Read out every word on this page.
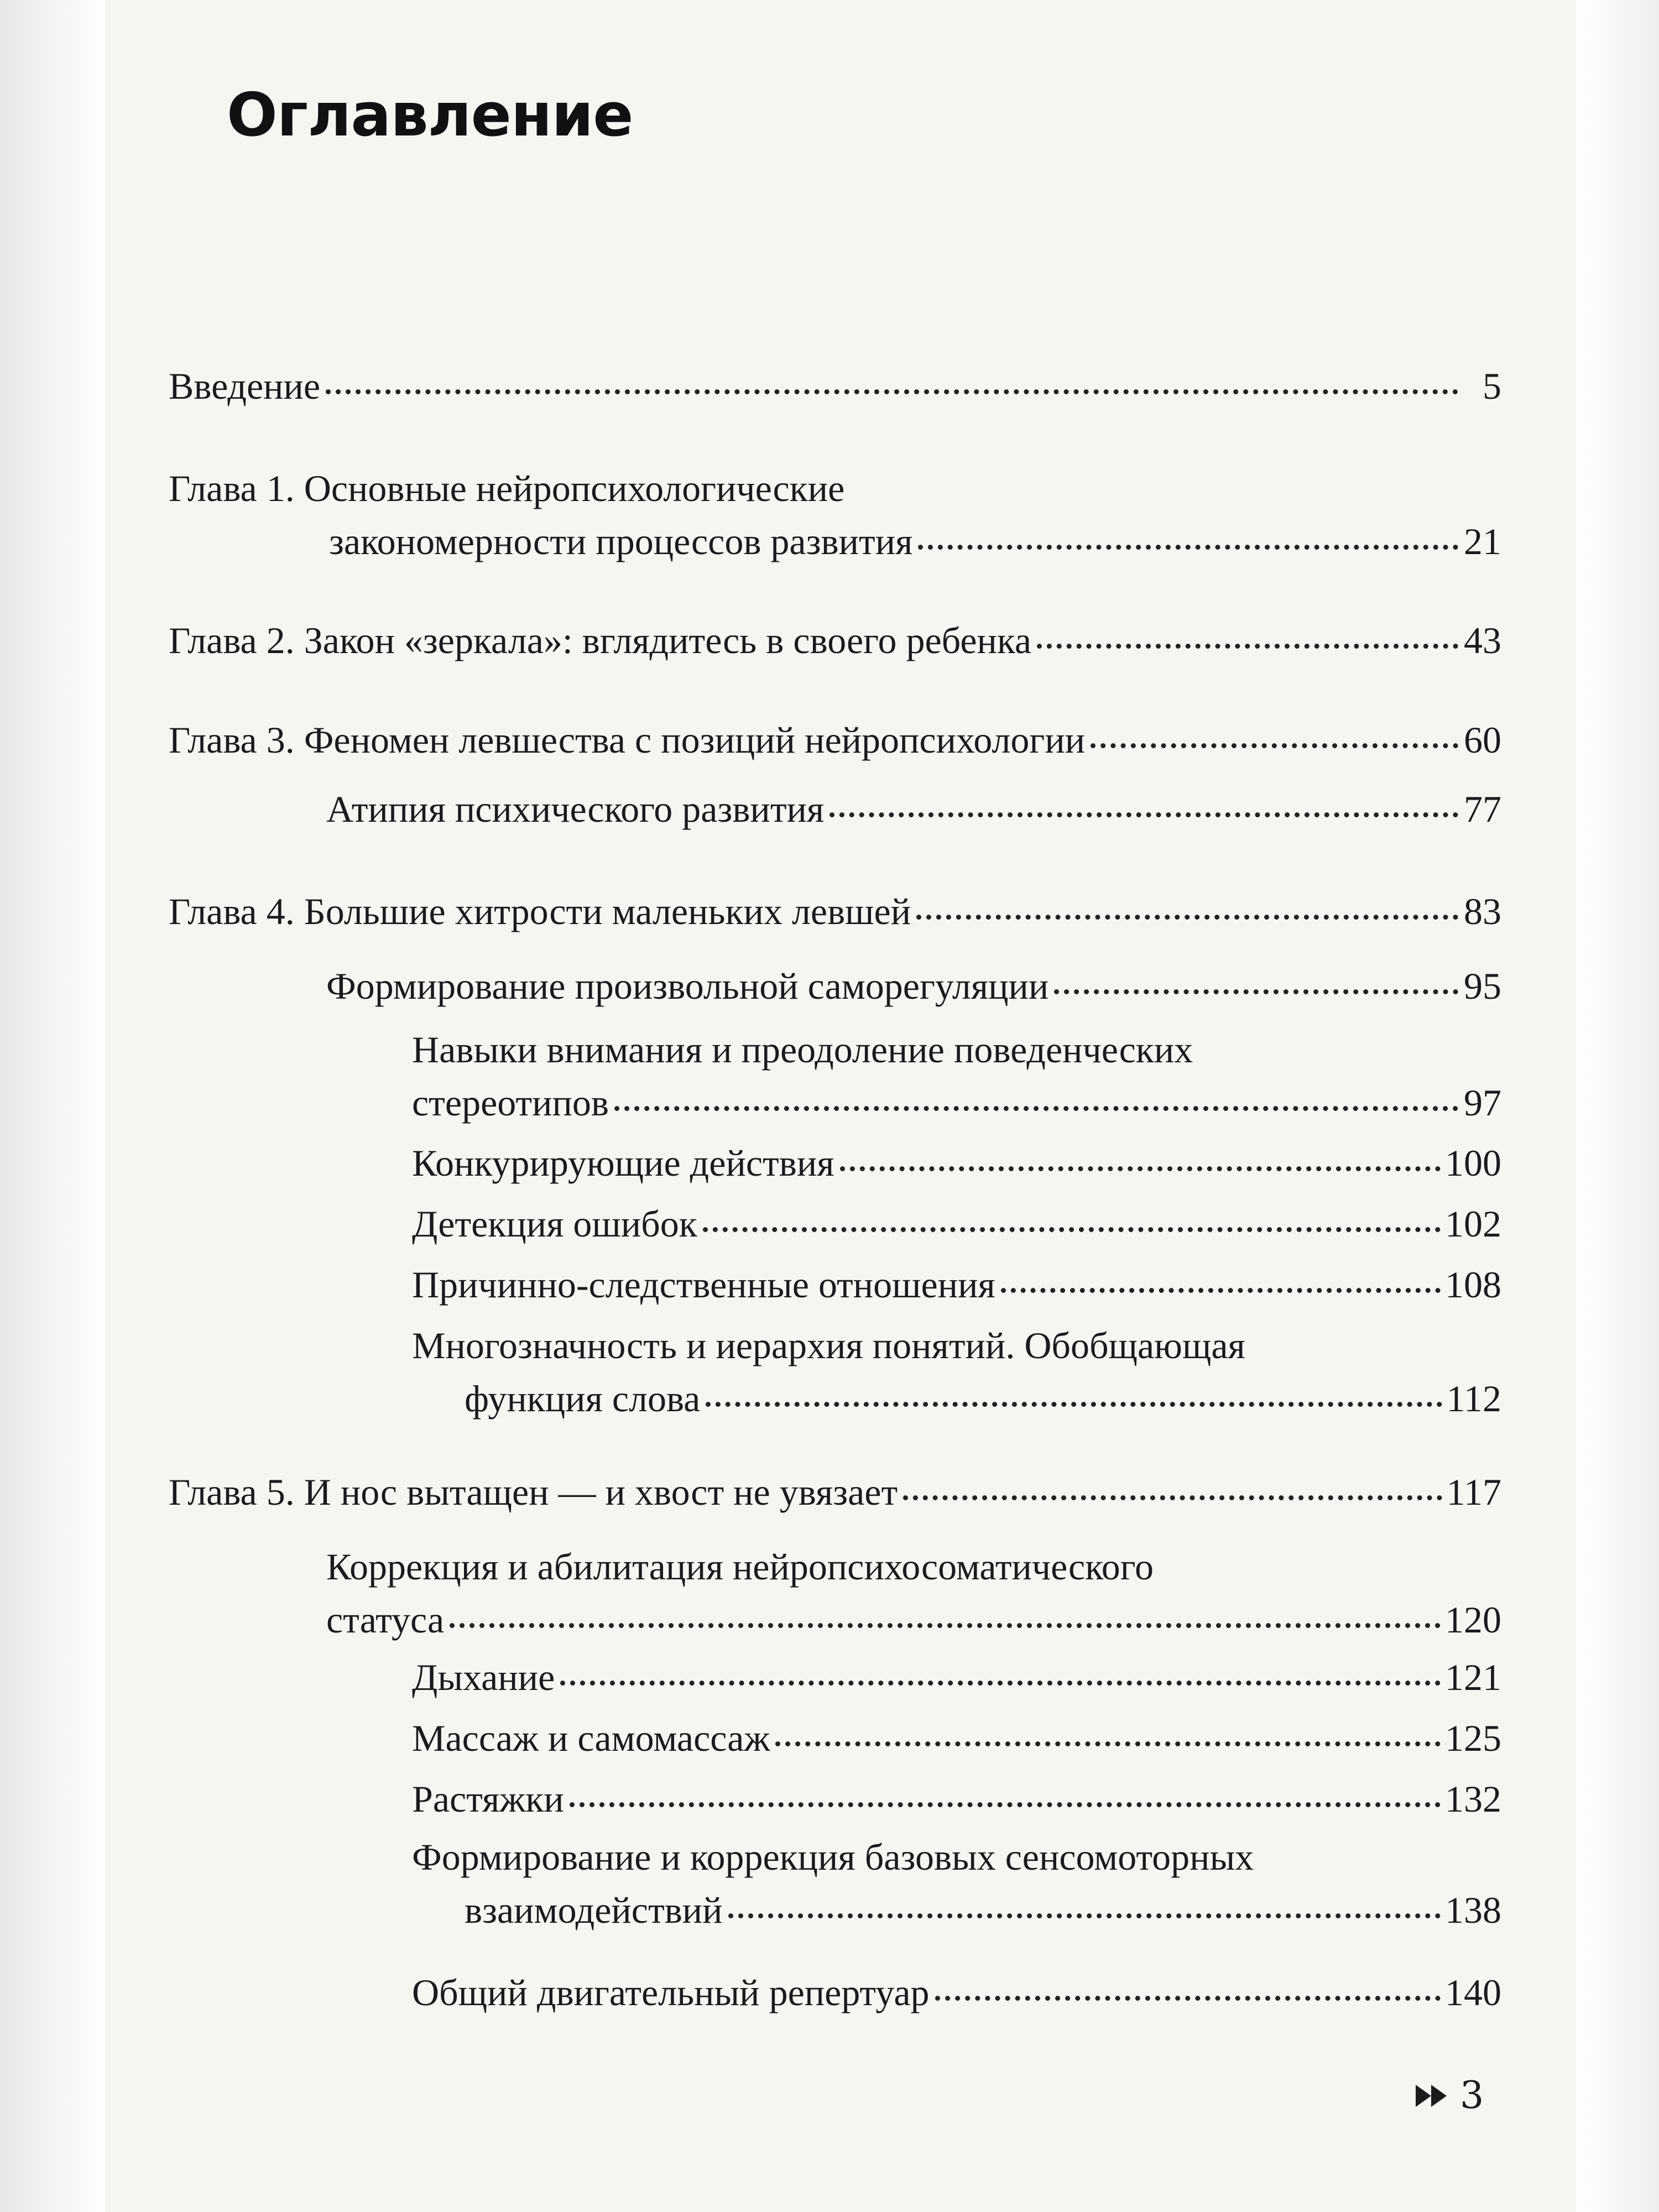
Оглавление
Введение	5
Глава 1. Основные нейропсихологические
закономерности процессов развития	21
Глава 2. Закон «зеркала»: вглядитесь в своего ребенка	43
Глава 3. Феномен левшества с позиций нейропсихологии	60
Атипия психического развития	77
Глава 4. Большие хитрости маленьких левшей	83
Формирование произвольной саморегуляции	95
Навыки внимания и преодоление поведенческих
стереотипов	97
Конкурирующие действия	100
Детекция ошибок	102
Причинно-следственные отношения	108
Многозначность и иерархия понятий. Обобщающая
функция слова	112
Глава 5. И нос вытащен — и хвост не увязает	117
Коррекция и абилитация нейропсихосоматического
статуса	120
Дыхание	121
Массаж и самомассаж	125
Растяжки	132
Формирование и коррекция базовых сенсомоторных
взаимодействий	138
Общий двигательный репертуар	140
3
